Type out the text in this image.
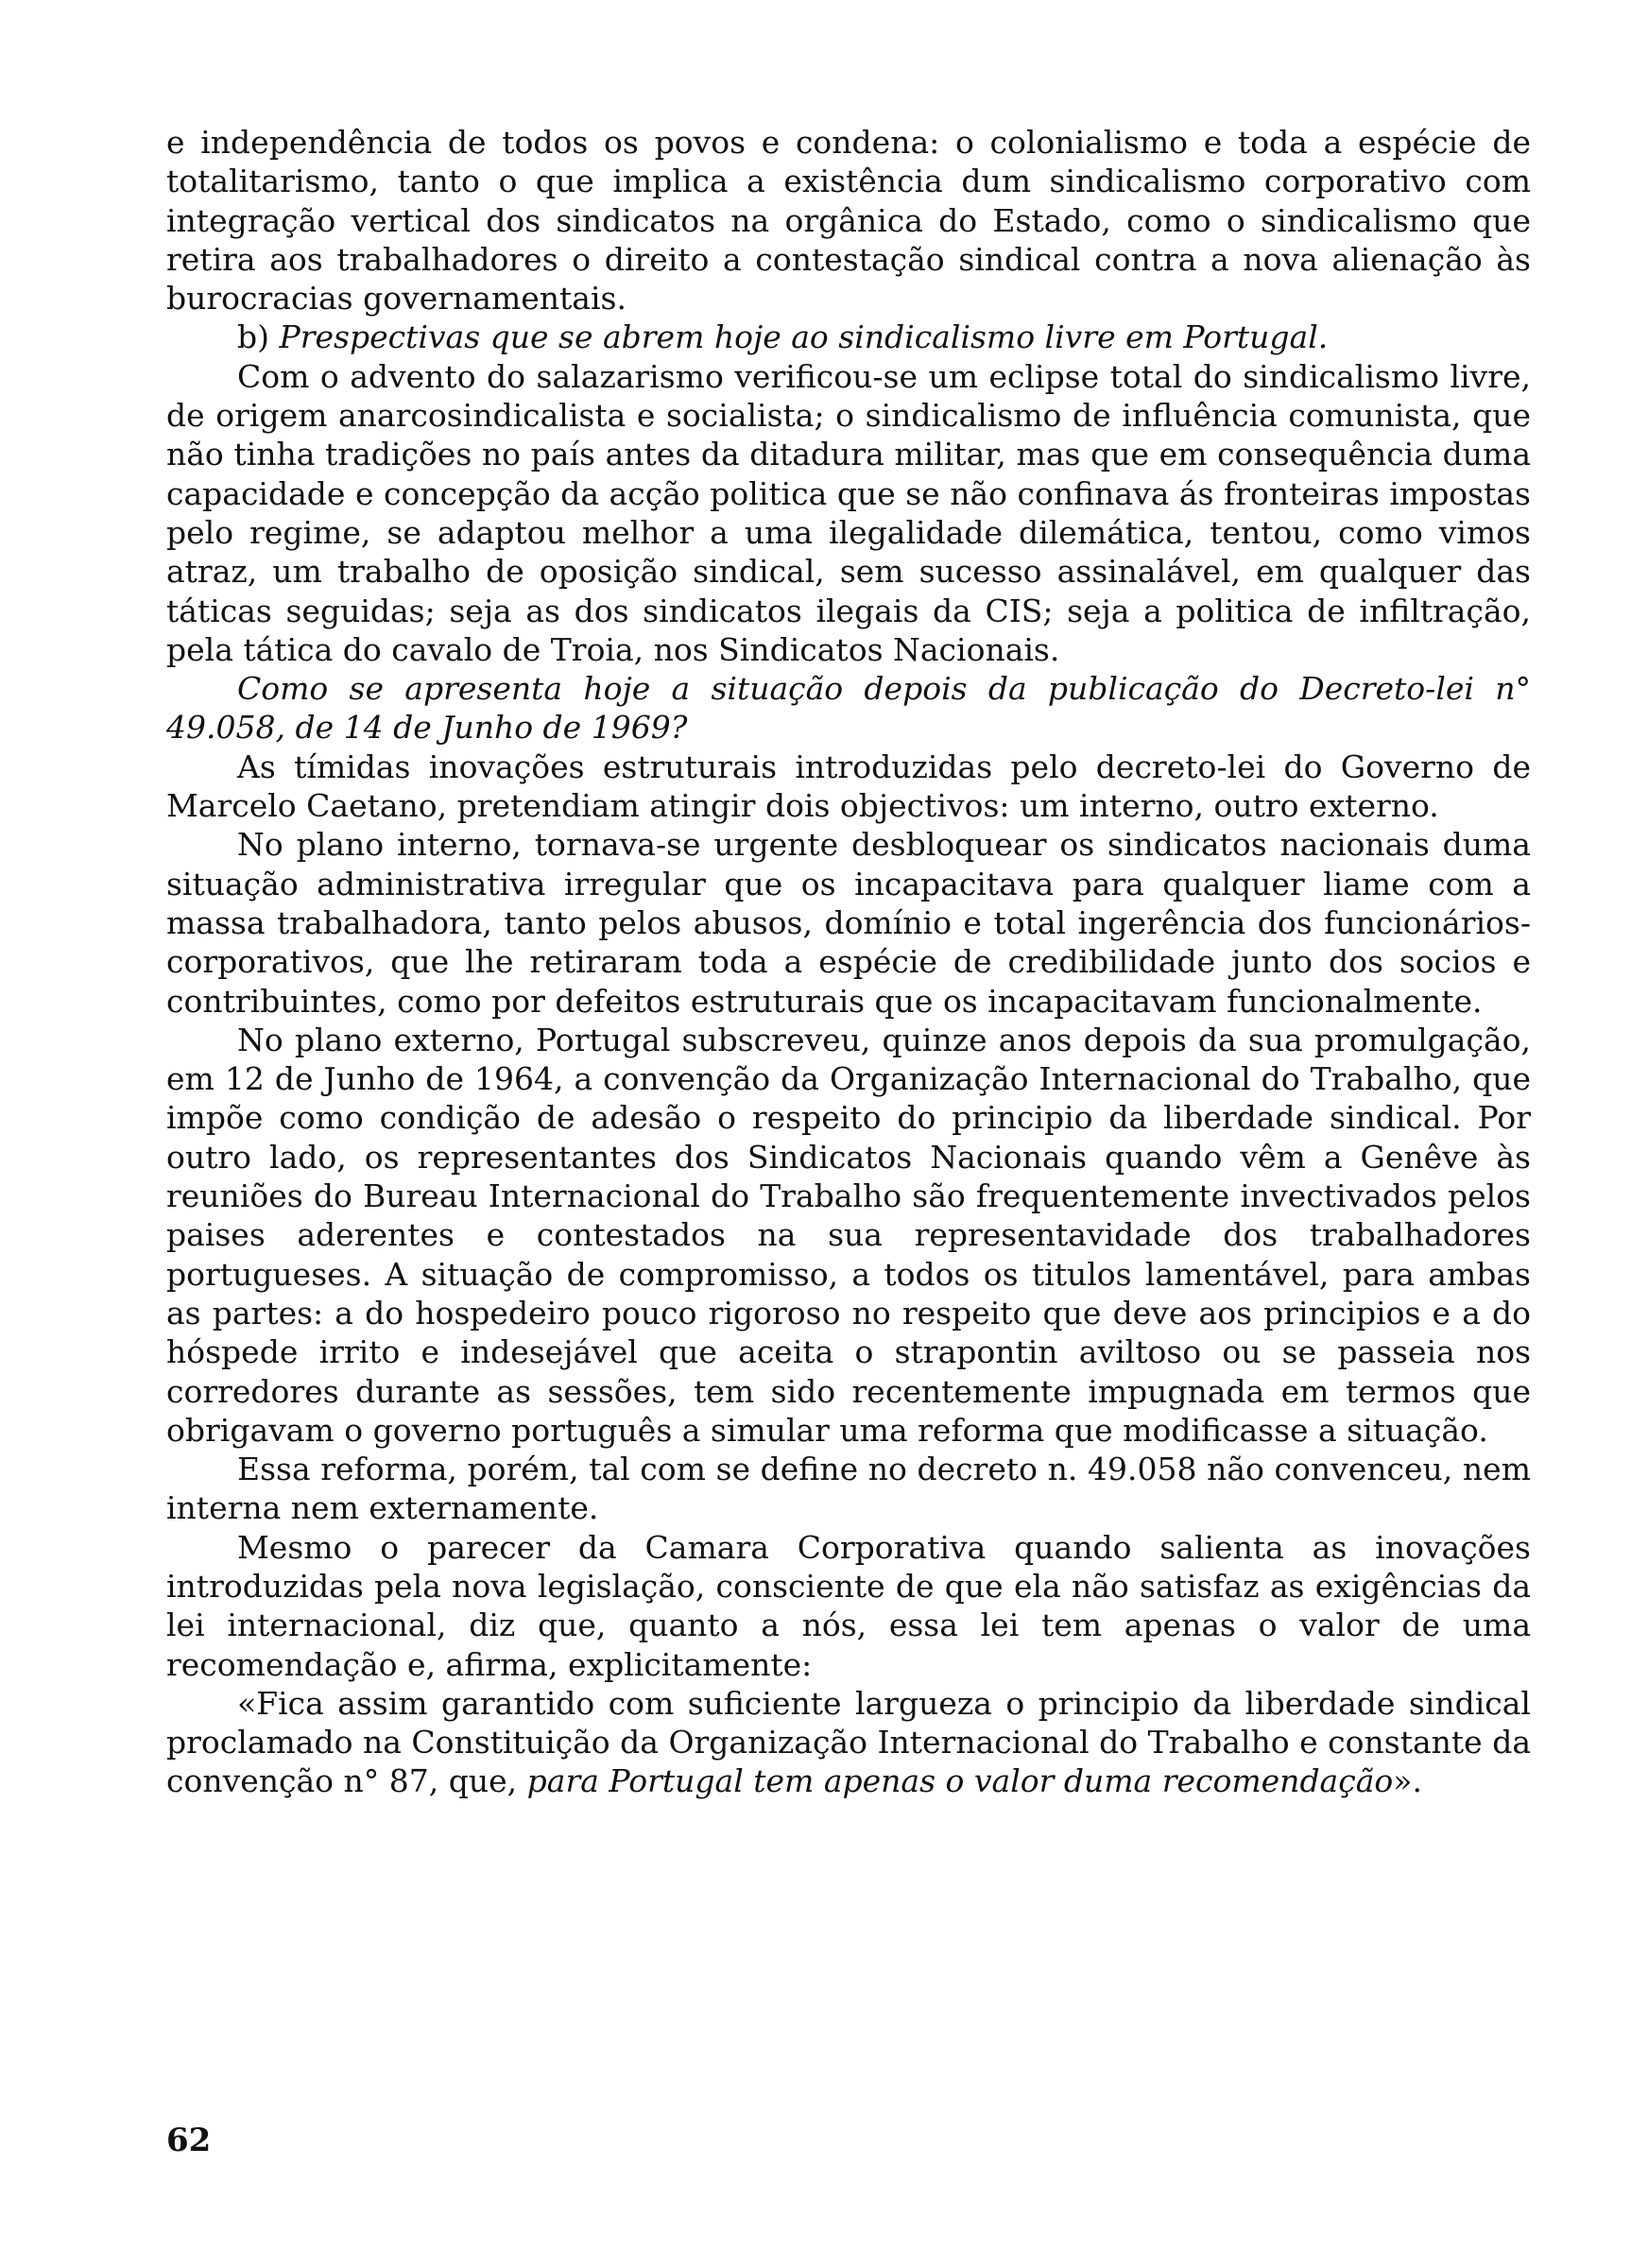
e independência de todos os povos e condena: o colonialismo e toda a espécie de totalitarismo, tanto o que implica a existência dum sindicalismo corporativo com integração vertical dos sindicatos na orgânica do Estado, como o sindicalismo que retira aos trabalhadores o direito a contestação sindical contra a nova alienação às burocracias governamentais.

b) Prespectivas que se abrem hoje ao sindicalismo livre em Portugal.

Com o advento do salazarismo verificou-se um eclipse total do sindicalismo livre, de origem anarcosindicalista e socialista; o sindicalismo de influência comunista, que não tinha tradições no país antes da ditadura militar, mas que em consequência duma capacidade e concepção da acção politica que se não confinava ás fronteiras impostas pelo regime, se adaptou melhor a uma ilegalidade dilemática, tentou, como vimos atraz, um trabalho de oposição sindical, sem sucesso assinalável, em qualquer das táticas seguidas; seja as dos sindicatos ilegais da CIS; seja a politica de infiltração, pela tática do cavalo de Troia, nos Sindicatos Nacionais.

Como se apresenta hoje a situação depois da publicação do Decreto-lei n° 49.058, de 14 de Junho de 1969?

As tímidas inovações estruturais introduzidas pelo decreto-lei do Governo de Marcelo Caetano, pretendiam atingir dois objectivos: um interno, outro externo.

No plano interno, tornava-se urgente desbloquear os sindicatos nacionais duma situação administrativa irregular que os incapacitava para qualquer liame com a massa trabalhadora, tanto pelos abusos, domínio e total ingerência dos funcionários-corporativos, que lhe retiraram toda a espécie de credibilidade junto dos socios e contribuintes, como por defeitos estruturais que os incapacitavam funcionalmente.

No plano externo, Portugal subscreveu, quinze anos depois da sua promulgação, em 12 de Junho de 1964, a convenção da Organização Internacional do Trabalho, que impõe como condição de adesão o respeito do principio da liberdade sindical. Por outro lado, os representantes dos Sindicatos Nacionais quando vêm a Genêve às reuniões do Bureau Internacional do Trabalho são frequentemente invectivados pelos paises aderentes e contestados na sua representavidade dos trabalhadores portugueses. A situação de compromisso, a todos os titulos lamentável, para ambas as partes: a do hospedeiro pouco rigoroso no respeito que deve aos principios e a do hóspede irrito e indesejável que aceita o strapontin aviltoso ou se passeia nos corredores durante as sessões, tem sido recentemente impugnada em termos que obrigavam o governo português a simular uma reforma que modificasse a situação.

Essa reforma, porém, tal com se define no decreto n. 49.058 não convenceu, nem interna nem externamente.

Mesmo o parecer da Camara Corporativa quando salienta as inovações introduzidas pela nova legislação, consciente de que ela não satisfaz as exigências da lei internacional, diz que, quanto a nós, essa lei tem apenas o valor de uma recomendação e, afirma, explicitamente:

«Fica assim garantido com suficiente largueza o principio da liberdade sindical proclamado na Constituição da Organização Internacional do Trabalho e constante da convenção n° 87, que, para Portugal tem apenas o valor duma recomendação».

62
